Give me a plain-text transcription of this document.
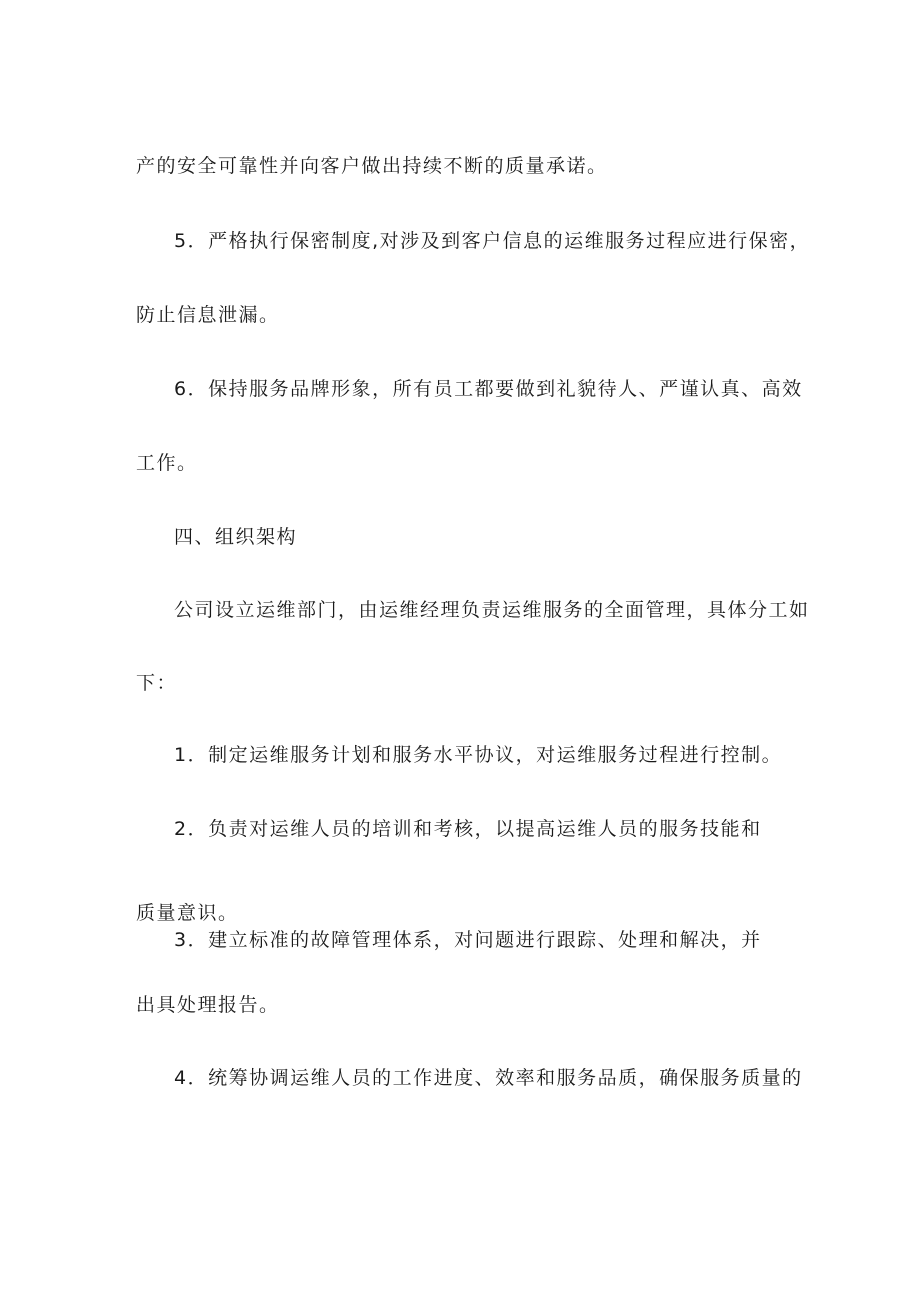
产的安全可靠性并向客户做出持续不断的质量承诺。
5．严格执行保密制度,对涉及到客户信息的运维服务过程应进行保密，
防止信息泄漏。
6．保持服务品牌形象，所有员工都要做到礼貌待人、严谨认真、高效
工作。
四、组织架构
公司设立运维部门，由运维经理负责运维服务的全面管理，具体分工如
下：
1．制定运维服务计划和服务水平协议，对运维服务过程进行控制。
2．负责对运维人员的培训和考核，以提高运维人员的服务技能和
质量意识。
3．建立标准的故障管理体系，对问题进行跟踪、处理和解决，并
出具处理报告。
4．统筹协调运维人员的工作进度、效率和服务品质，确保服务质量的
